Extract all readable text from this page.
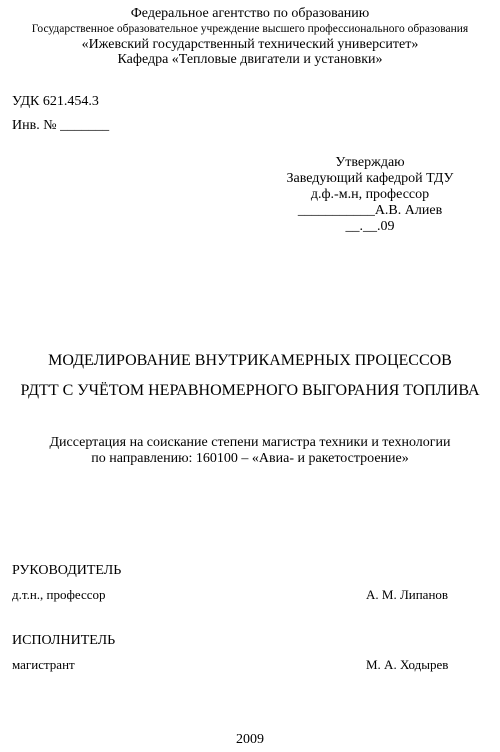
Федеральное агентство по образованию
Государственное образовательное учреждение высшего профессионального образования
«Ижевский государственный технический университет»
Кафедра «Тепловые двигатели и установки»
УДК 621.454.3
Инв. № _______
Утверждаю
Заведующий кафедрой ТДУ
д.ф.-м.н, профессор
___________А.В. Алиев
__.__.09
МОДЕЛИРОВАНИЕ ВНУТРИКАМЕРНЫХ ПРОЦЕССОВ
РДТТ С УЧЁТОМ НЕРАВНОМЕРНОГО ВЫГОРАНИЯ ТОПЛИВА
Диссертация на соискание степени магистра техники и технологии
по направлению: 160100 – «Авиа- и ракетостроение»
РУКОВОДИТЕЛЬ
д.т.н., профессор	А. М. Липанов
ИСПОЛНИТЕЛЬ
магистрант	М. А. Ходырев
2009
